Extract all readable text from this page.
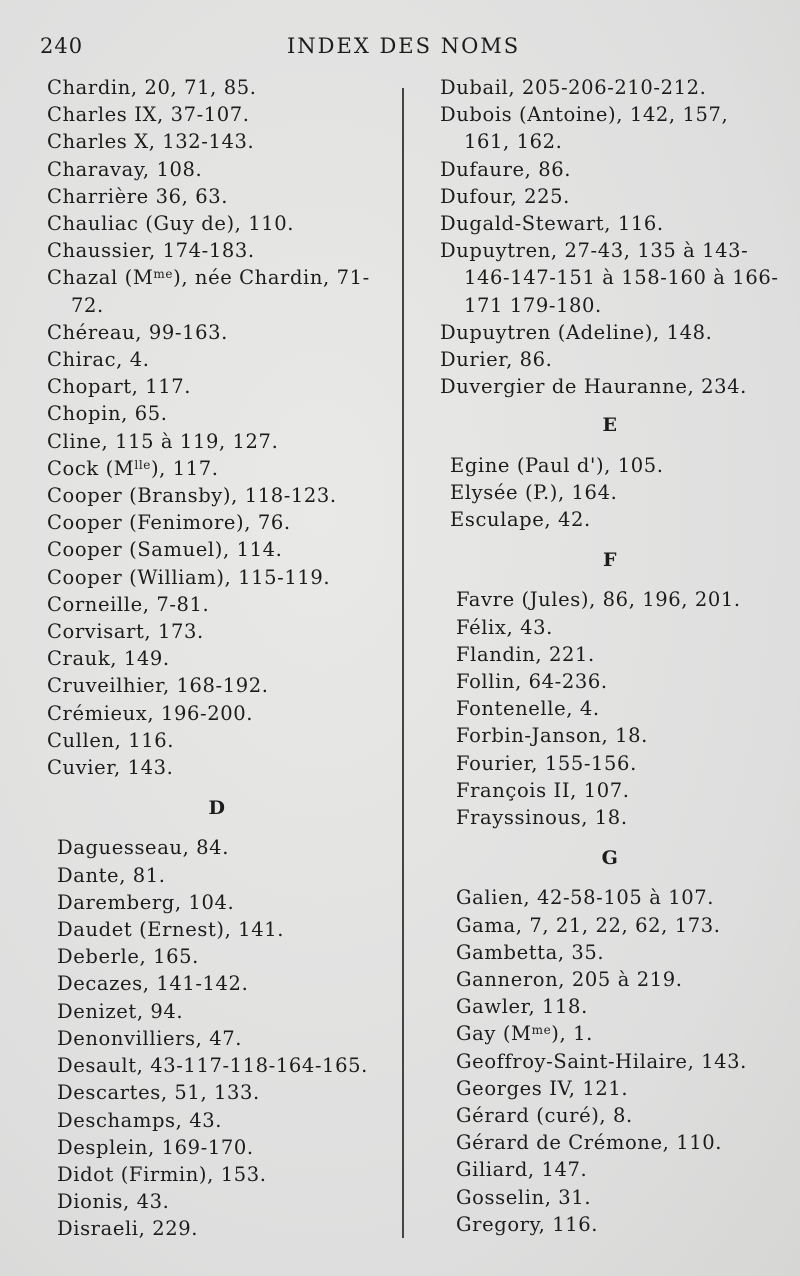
240	INDEX DES NOMS
Chardin, 20, 71, 85.
Charles IX, 37-107.
Charles X, 132-143.
Charavay, 108.
Charrière 36, 63.
Chauliac (Guy de), 110.
Chaussier, 174-183.
Chazal $(M^{me})$, née Chardin, 71-72.
Chéreau, 99-163.
Chirac, 4.
Chopart, 117.
Chopin, 65.
Cline, 115 à 119, 127.
Cock $(M^{lle})$, 117.
Cooper (Bransby), 118-123.
Cooper (Fenimore), 76.
Cooper (Samuel), 114.
Cooper (William), 115-119.
Corneille, 7-81.
Corvisart, 173.
Crauk, 149.
Cruveilhier, 168-192.
Crémieux, 196-200.
Cullen, 116.
Cuvier, 143.
D
Daguesseau, 84.
Dante, 81.
Daremberg, 104.
Daudet (Ernest), 141.
Deberle, 165.
Decazes, 141-142.
Denizet, 94.
Denonvilliers, 47.
Desault, 43-117-118-164-165.
Descartes, 51, 133.
Deschamps, 43.
Desplein, 169-170.
Didot (Firmin), 153.
Dionis, 43.
Disraeli, 229.
Dubail, 205-206-210-212.
Dubois (Antoine), 142, 157, 161, 162.
Dufaure, 86.
Dufour, 225.
Dugald-Stewart, 116.
Dupuytren, 27-43, 135 à 143-146-147-151 à 158-160 à 166-171 179-180.
Dupuytren (Adeline), 148.
Durier, 86.
Duvergier de Hauranne, 234.
E
Egine (Paul d'), 105.
Elysée (P.), 164.
Esculape, 42.
F
Favre (Jules), 86, 196, 201.
Félix, 43.
Flandin, 221.
Follin, 64-236.
Fontenelle, 4.
Forbin-Janson, 18.
Fourier, 155-156.
François II, 107.
Frayssinous, 18.
G
Galien, 42-58-105 à 107.
Gama, 7, 21, 22, 62, 173.
Gambetta, 35.
Ganneron, 205 à 219.
Gawler, 118.
Gay $(M^{me})$, 1.
Geoffroy-Saint-Hilaire, 143.
Georges IV, 121.
Gérard (curé), 8.
Gérard de Crémone, 110.
Giliard, 147.
Gosselin, 31.
Gregory, 116.
